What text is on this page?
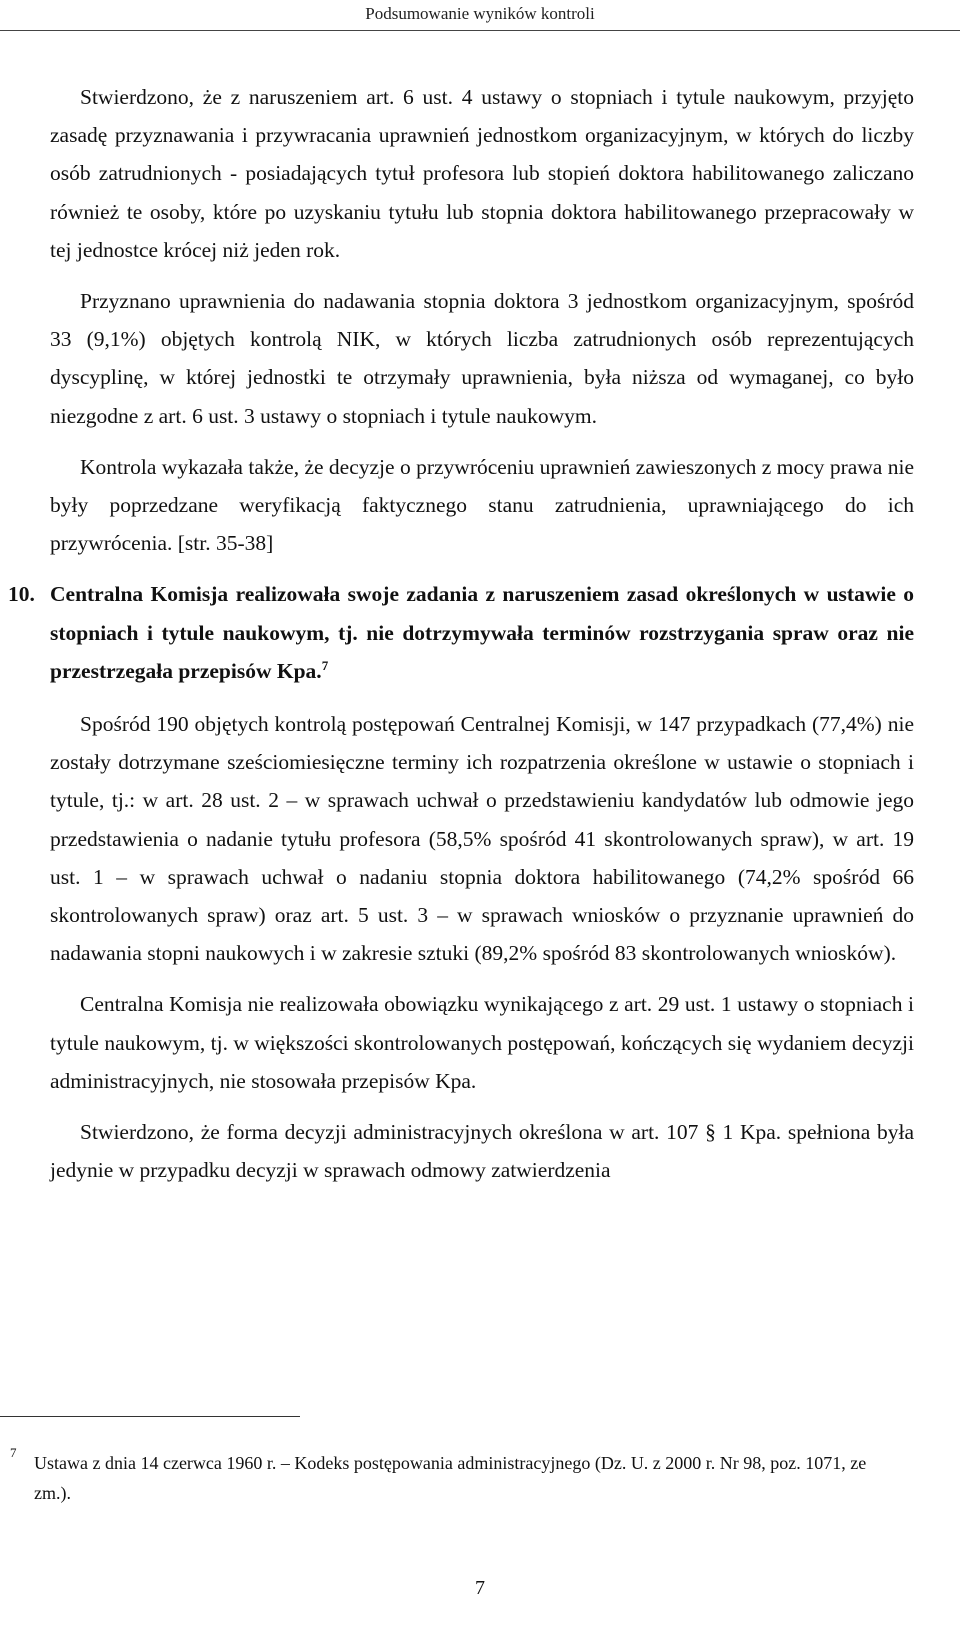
Podsumowanie wyników kontroli

Stwierdzono, że z naruszeniem art. 6 ust. 4 ustawy o stopniach i tytule naukowym, przyjęto zasadę przyznawania i przywracania uprawnień jednostkom organizacyjnym, w których do liczby osób zatrudnionych - posiadających tytuł profesora lub stopień doktora habilitowanego zaliczano również te osoby, które po uzyskaniu tytułu lub stopnia doktora habilitowanego przepracowały w tej jednostce krócej niż jeden rok.

Przyznano uprawnienia do nadawania stopnia doktora 3 jednostkom organizacyjnym, spośród 33 (9,1%) objętych kontrolą NIK, w których liczba zatrudnionych osób reprezentujących dyscyplinę, w której jednostki te otrzymały uprawnienia, była niższa od wymaganej, co było niezgodne z art. 6 ust. 3 ustawy o stopniach i tytule naukowym.

Kontrola wykazała także, że decyzje o przywróceniu uprawnień zawieszonych z mocy prawa nie były poprzedzane weryfikacją faktycznego stanu zatrudnienia, uprawniającego do ich przywrócenia. [str. 35-38]

10. Centralna Komisja realizowała swoje zadania z naruszeniem zasad określonych w ustawie o stopniach i tytule naukowym, tj. nie dotrzymywała terminów rozstrzygania spraw oraz nie przestrzegała przepisów Kpa.$^7$

Spośród 190 objętych kontrolą postępowań Centralnej Komisji, w 147 przypadkach (77,4%) nie zostały dotrzymane sześciomiesięczne terminy ich rozpatrzenia określone w ustawie o stopniach i tytule, tj.: w art. 28 ust. 2 – w sprawach uchwał o przedstawieniu kandydatów lub odmowie jego przedstawienia o nadanie tytułu profesora (58,5% spośród 41 skontrolowanych spraw), w art. 19 ust. 1 – w sprawach uchwał o nadaniu stopnia doktora habilitowanego (74,2% spośród 66 skontrolowanych spraw) oraz art. 5 ust. 3 – w sprawach wniosków o przyznanie uprawnień do nadawania stopni naukowych i w zakresie sztuki (89,2% spośród 83 skontrolowanych wniosków).

Centralna Komisja nie realizowała obowiązku wynikającego z art. 29 ust. 1 ustawy o stopniach i tytule naukowym, tj. w większości skontrolowanych postępowań, kończących się wydaniem decyzji administracyjnych, nie stosowała przepisów Kpa.

Stwierdzono, że forma decyzji administracyjnych określona w art. 107 § 1 Kpa. spełniona była jedynie w przypadku decyzji w sprawach odmowy zatwierdzenia

7
Ustawa z dnia 14 czerwca 1960 r. – Kodeks postępowania administracyjnego (Dz. U. z 2000 r. Nr 98, poz. 1071, ze zm.).
7
